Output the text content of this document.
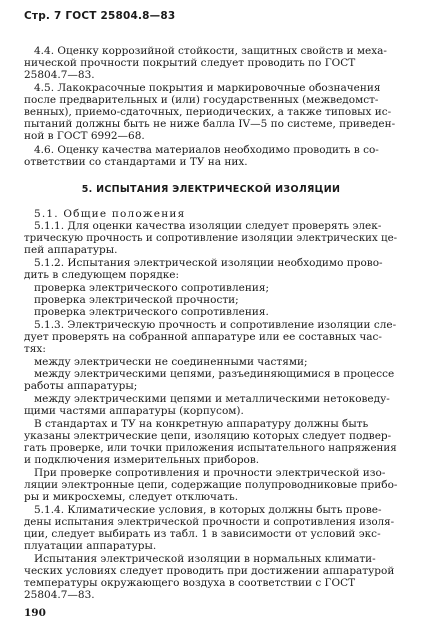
Стр. 7 ГОСТ 25804.8—83
4.4. Оценку коррозийной стойкости, защитных свойств и меха-
нической прочности покрытий следует проводить по ГОСТ
25804.7—83.
4.5. Лакокрасочные покрытия и маркировочные обозначения
после предварительных и (или) государственных (межведомст-
венных), приемо-сдаточных, периодических, а также типовых ис-
пытаний должны быть не ниже балла IV—5 по системе, приведен-
ной в ГОСТ 6992—68.
4.6. Оценку качества материалов необходимо проводить в со-
ответствии со стандартами и ТУ на них.
5. ИСПЫТАНИЯ ЭЛЕКТРИЧЕСКОЙ ИЗОЛЯЦИИ
5.1. Общие положения
5.1.1. Для оценки качества изоляции следует проверять элек-
трическую прочность и сопротивление изоляции электрических це-
пей аппаратуры.
5.1.2. Испытания электрической изоляции необходимо прово-
дить в следующем порядке:
проверка электрического сопротивления;
проверка электрической прочности;
проверка электрического сопротивления.
5.1.3. Электрическую прочность и сопротивление изоляции сле-
дует проверять на собранной аппаратуре или ее составных час-
тях:
между электрически не соединенными частями;
между электрическими цепями, разъединяющимися в процессе
работы аппаратуры;
между электрическими цепями и металлическими нетоковеду-
щими частями аппаратуры (корпусом).
В стандартах и ТУ на конкретную аппаратуру должны быть
указаны электрические цепи, изоляцию которых следует подвер-
гать проверке, или точки приложения испытательного напряжения
и подключения измерительных приборов.
При проверке сопротивления и прочности электрической изо-
ляции электронные цепи, содержащие полупроводниковые прибо-
ры и микросхемы, следует отключать.
5.1.4. Климатические условия, в которых должны быть прове-
дены испытания электрической прочности и сопротивления изоля-
ции, следует выбирать из табл. 1 в зависимости от условий экс-
плуатации аппаратуры.
Испытания электрической изоляции в нормальных климати-
ческих условиях следует проводить при достижении аппаратурой
температуры окружающего воздуха в соответствии с ГОСТ
25804.7—83.
190
